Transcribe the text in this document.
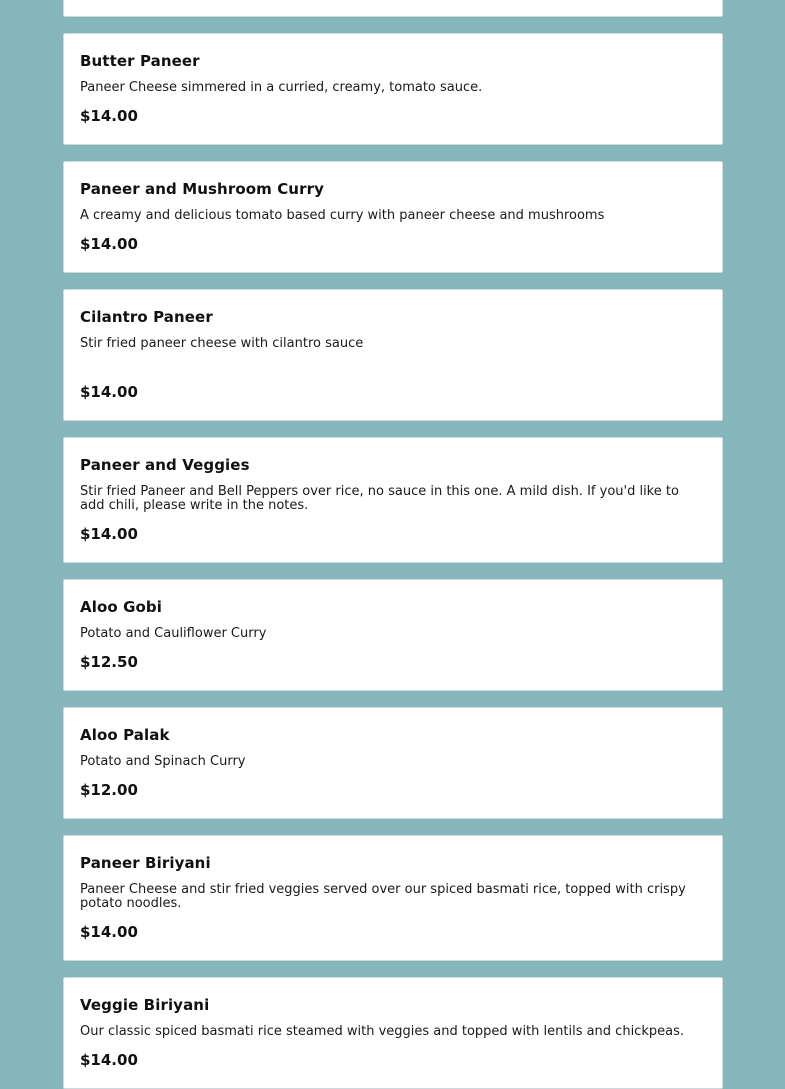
Butter Paneer
Paneer Cheese simmered in a curried, creamy, tomato sauce.
$14.00
Paneer and Mushroom Curry
A creamy and delicious tomato based curry with paneer cheese and mushrooms
$14.00
Cilantro Paneer
Stir fried paneer cheese with cilantro sauce
$14.00
Paneer and Veggies
Stir fried Paneer and Bell Peppers over rice, no sauce in this one. A mild dish. If you'd like to add chili, please write in the notes.
$14.00
Aloo Gobi
Potato and Cauliflower Curry
$12.50
Aloo Palak
Potato and Spinach Curry
$12.00
Paneer Biriyani
Paneer Cheese and stir fried veggies served over our spiced basmati rice, topped with crispy potato noodles.
$14.00
Veggie Biriyani
Our classic spiced basmati rice steamed with veggies and topped with lentils and chickpeas.
$14.00
